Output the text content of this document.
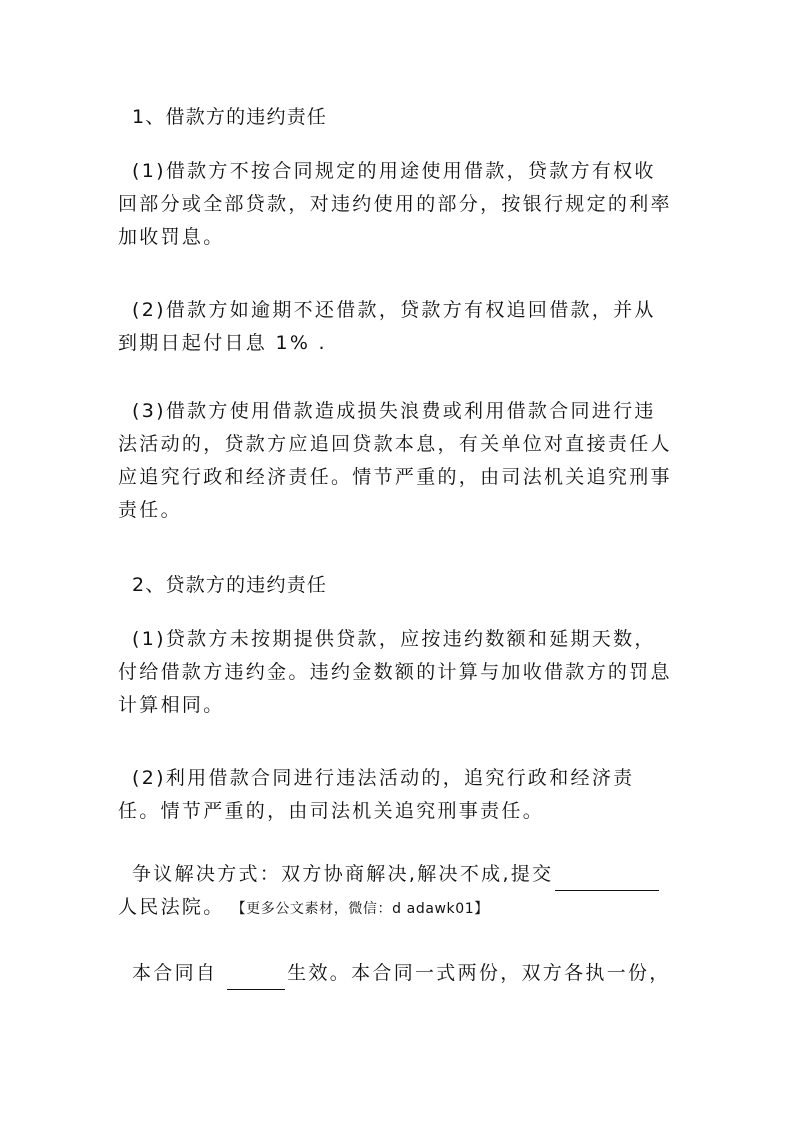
1、借款方的违约责任

(1)借款方不按合同规定的用途使用借款，贷款方有权收回部分或全部贷款，对违约使用的部分，按银行规定的利率加收罚息。

(2)借款方如逾期不还借款，贷款方有权追回借款，并从到期日起付日息 1% .

(3)借款方使用借款造成损失浪费或利用借款合同进行违法活动的，贷款方应追回贷款本息，有关单位对直接责任人应追究行政和经济责任。情节严重的，由司法机关追究刑事责任。

2、贷款方的违约责任

(1)贷款方未按期提供贷款，应按违约数额和延期天数，付给借款方违约金。违约金数额的计算与加收借款方的罚息计算相同。

(2)利用借款合同进行违法活动的，追究行政和经济责任。情节严重的，由司法机关追究刑事责任。

争议解决方式：双方协商解决,解决不成,提交人民法院。 【更多公文素材，微信：d adawk01】

本合同自	生效。本合同一式两份，双方各执一份，
